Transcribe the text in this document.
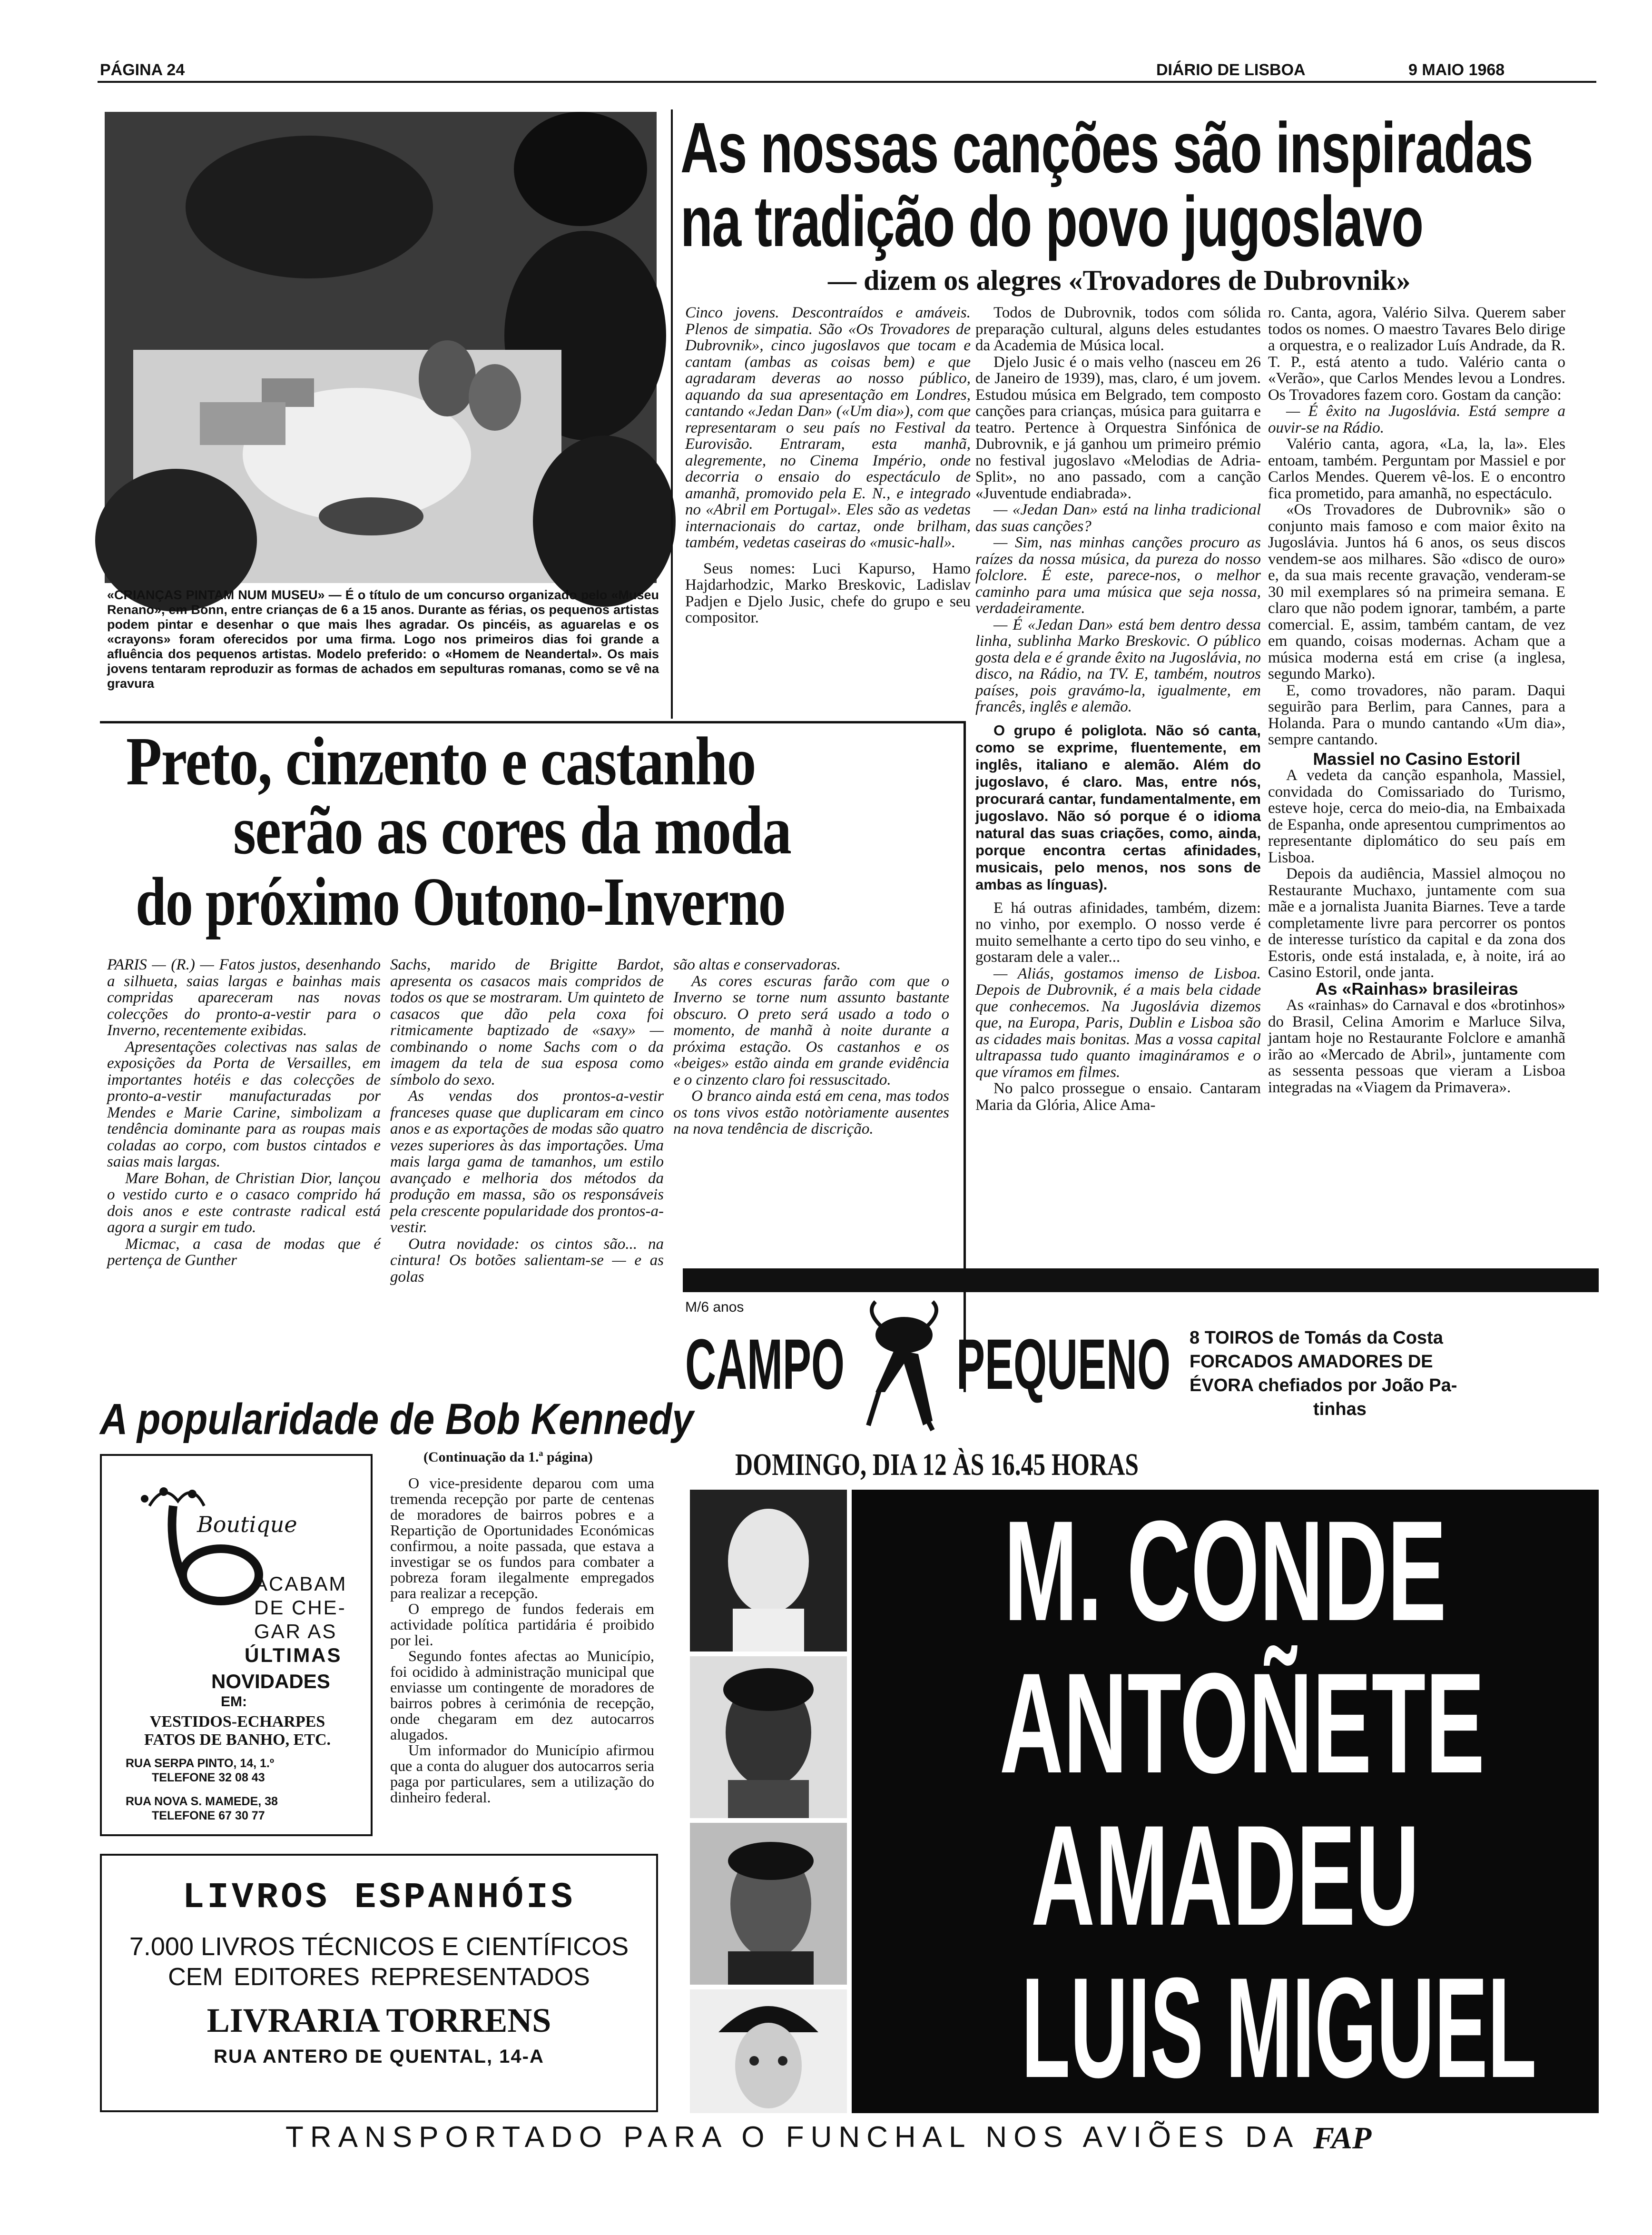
PÁGINA 24	DIÁRIO DE LISBOA	9 MAIO 1968
«CRIANÇAS PINTAM NUM MUSEU» — É o título de um concurso organizado pelo «Museu Renano», em Bonn, entre crianças de 6 a 15 anos. Durante as férias, os pequenos artistas podem pintar e desenhar o que mais lhes agradar. Os pincéis, as aguarelas e os «crayons» foram oferecidos por uma firma. Logo nos primeiros dias foi grande a afluência dos pequenos artistas. Modelo preferido: o «Homem de Neandertal». Os mais jovens tentaram reproduzir as formas de achados em sepulturas romanas, como se vê na gravura
As nossas canções são inspiradas
na tradição do povo jugoslavo
— dizem os alegres «Trovadores de Dubrovnik»

Cinco jovens. Descontraídos e amáveis. Plenos de simpatia. São «Os Trovadores de Dubrovnik», cinco jugoslavos que tocam e cantam (ambas as coisas bem) e que agradaram deveras ao nosso público, aquando da sua apresentação em Londres, cantando «Jedan Dan» («Um dia»), com que representaram o seu país no Festival da Eurovisão. Entraram, esta manhã, alegremente, no Cinema Império, onde decorria o ensaio do espectáculo de amanhã, promovido pela E. N., e integrado no «Abril em Portugal». Eles são as vedetas internacionais do cartaz, onde brilham, também, vedetas caseiras do «music-hall».

Seus nomes: Luci Kapurso, Hamo Hajdarhodzic, Marko Breskovic, Ladislav Padjen e Djelo Jusic, chefe do grupo e seu compositor.

Todos de Dubrovnik, todos com sólida preparação cultural, alguns deles estudantes da Academia de Música local.

Djelo Jusic é o mais velho (nasceu em 26 de Janeiro de 1939), mas, claro, é um jovem. Estudou música em Belgrado, tem composto canções para crianças, música para guitarra e teatro. Pertence à Orquestra Sinfónica de Dubrovnik, e já ganhou um primeiro prémio no festival jugoslavo «Melodias de Adria-Split», no ano passado, com a canção «Juventude endiabrada».

— «Jedan Dan» está na linha tradicional das suas canções?

— Sim, nas minhas canções procuro as raízes da nossa música, da pureza do nosso folclore. É este, parece-nos, o melhor caminho para uma música que seja nossa, verdadeiramente.

— É «Jedan Dan» está bem dentro dessa linha, sublinha Marko Breskovic. O público gosta dela e é grande êxito na Jugoslávia, no disco, na Rádio, na TV. E, também, noutros países, pois gravámo-la, igualmente, em francês, inglês e alemão.

O grupo é poliglota. Não só canta, como se exprime, fluentemente, em inglês, italiano e alemão. Além do jugoslavo, é claro. Mas, entre nós, procurará cantar, fundamentalmente, em jugoslavo. Não só porque é o idioma natural das suas criações, como, ainda, porque encontra certas afinidades, musicais, pelo menos, nos sons de ambas as línguas).

E há outras afinidades, também, dizem: no vinho, por exemplo. O nosso verde é muito semelhante a certo tipo do seu vinho, e gostaram dele a valer...

— Aliás, gostamos imenso de Lisboa. Depois de Dubrovnik, é a mais bela cidade que conhecemos. Na Jugoslávia dizemos que, na Europa, Paris, Dublin e Lisboa são as cidades mais bonitas. Mas a vossa capital ultrapassa tudo quanto imagináramos e o que víramos em filmes.

No palco prossegue o ensaio. Cantaram Maria da Glória, Alice Ama-

ro. Canta, agora, Valério Silva. Querem saber todos os nomes. O maestro Tavares Belo dirige a orquestra, e o realizador Luís Andrade, da R. T. P., está atento a tudo. Valério canta o «Verão», que Carlos Mendes levou a Londres. Os Trovadores fazem coro. Gostam da canção:

— É êxito na Jugoslávia. Está sempre a ouvir-se na Rádio.

Valério canta, agora, «La, la, la». Eles entoam, também. Perguntam por Massiel e por Carlos Mendes. Querem vê-los. E o encontro fica prometido, para amanhã, no espectáculo.

«Os Trovadores de Dubrovnik» são o conjunto mais famoso e com maior êxito na Jugoslávia. Juntos há 6 anos, os seus discos vendem-se aos milhares. São «disco de ouro» e, da sua mais recente gravação, venderam-se 30 mil exemplares só na primeira semana. E claro que não podem ignorar, também, a parte comercial. E, assim, também cantam, de vez em quando, coisas modernas. Acham que a música moderna está em crise (a inglesa, segundo Marko).

E, como trovadores, não param. Daqui seguirão para Berlim, para Cannes, para a Holanda. Para o mundo cantando «Um dia», sempre cantando.

Massiel no Casino Estoril

A vedeta da canção espanhola, Massiel, convidada do Comissariado do Turismo, esteve hoje, cerca do meio-dia, na Embaixada de Espanha, onde apresentou cumprimentos ao representante diplomático do seu país em Lisboa.

Depois da audiência, Massiel almoçou no Restaurante Muchaxo, juntamente com sua mãe e a jornalista Juanita Biarnes. Teve a tarde completamente livre para percorrer os pontos de interesse turístico da capital e da zona dos Estoris, onde está instalada, e, à noite, irá ao Casino Estoril, onde janta.

As «Rainhas» brasileiras

As «rainhas» do Carnaval e dos «brotinhos» do Brasil, Celina Amorim e Marluce Silva, jantam hoje no Restaurante Folclore e amanhã irão ao «Mercado de Abril», juntamente com as sessenta pessoas que vieram a Lisboa integradas na «Viagem da Primavera».

Preto, cinzento e castanho
serão as cores da moda
do próximo Outono-Inverno

PARIS — (R.) — Fatos justos, desenhando a silhueta, saias largas e bainhas mais compridas apareceram nas novas colecções do pronto-a-vestir para o Inverno, recentemente exibidas.

Apresentações colectivas nas salas de exposições da Porta de Versailles, em importantes hotéis e das colecções de pronto-a-vestir manufacturadas por Mendes e Marie Carine, simbolizam a tendência dominante para as roupas mais coladas ao corpo, com bustos cintados e saias mais largas.

Mare Bohan, de Christian Dior, lançou o vestido curto e o casaco comprido há dois anos e este contraste radical está agora a surgir em tudo.

Micmac, a casa de modas que é pertença de Gunther

Sachs, marido de Brigitte Bardot, apresenta os casacos mais compridos de todos os que se mostraram. Um quinteto de casacos que dão pela coxa foi ritmicamente baptizado de «saxy» — combinando o nome Sachs com o da imagem da tela de sua esposa como símbolo do sexo.

As vendas dos prontos-a-vestir franceses quase que duplicaram em cinco anos e as exportações de modas são quatro vezes superiores às das importações. Uma mais larga gama de tamanhos, um estilo avançado e melhoria dos métodos da produção em massa, são os responsáveis pela crescente popularidade dos prontos-a-vestir.

Outra novidade: os cintos são... na cintura! Os botões salientam-se — e as golas

são altas e conservadoras.

As cores escuras farão com que o Inverno se torne num assunto bastante obscuro. O preto será usado a todo o momento, de manhã à noite durante a próxima estação. Os castanhos e os «beiges» estão ainda em grande evidência e o cinzento claro foi ressuscitado.

O branco ainda está em cena, mas todos os tons vivos estão notòriamente ausentes na nova tendência de discrição.

A popularidade de Bob Kennedy
(Continuação da 1.ª página)

O vice-presidente deparou com uma tremenda recepção por parte de centenas de moradores de bairros pobres e a Repartição de Oportunidades Económicas confirmou, a noite passada, que estava a investigar se os fundos para combater a pobreza foram ilegalmente empregados para realizar a recepção.

O emprego de fundos federais em actividade política partidária é proibido por lei.

Segundo fontes afectas ao Município, foi ocidido à administração municipal que enviasse um contingente de moradores de bairros pobres à cerimónia de recepção, onde chegaram em dez autocarros alugados.

Um informador do Município afirmou que a conta do aluguer dos autocarros seria paga por particulares, sem a utilização do dinheiro federal.

Boutique
ACABAM
DE CHE-
GAR AS
ÚLTIMAS
NOVIDADES
EM:
VESTIDOS-ECHARPES
FATOS DE BANHO, ETC.
RUA SERPA PINTO, 14, 1.º
TELEFONE 32 08 43
RUA NOVA S. MAMEDE, 38
TELEFONE 67 30 77
LIVROS ESPANHÓIS
7.000 LIVROS TÉCNICOS E CIENTÍFICOS
CEM EDITORES REPRESENTADOS
LIVRARIA TORRENS
RUA ANTERO DE QUENTAL, 14-A
M/6 anos
CAMPO PEQUENO 8 TOIROS de Tomás da Costa
FORCADOS AMADORES DE
ÉVORA chefiados por João Pa-
tinhas
DOMINGO, DIA 12 ÀS 16.45 HORAS
M. CONDE
ANTOÑETE
AMADEU
LUIS MIGUEL
TRANSPORTADO PARA O FUNCHAL NOS AVIÕES DA FAP
